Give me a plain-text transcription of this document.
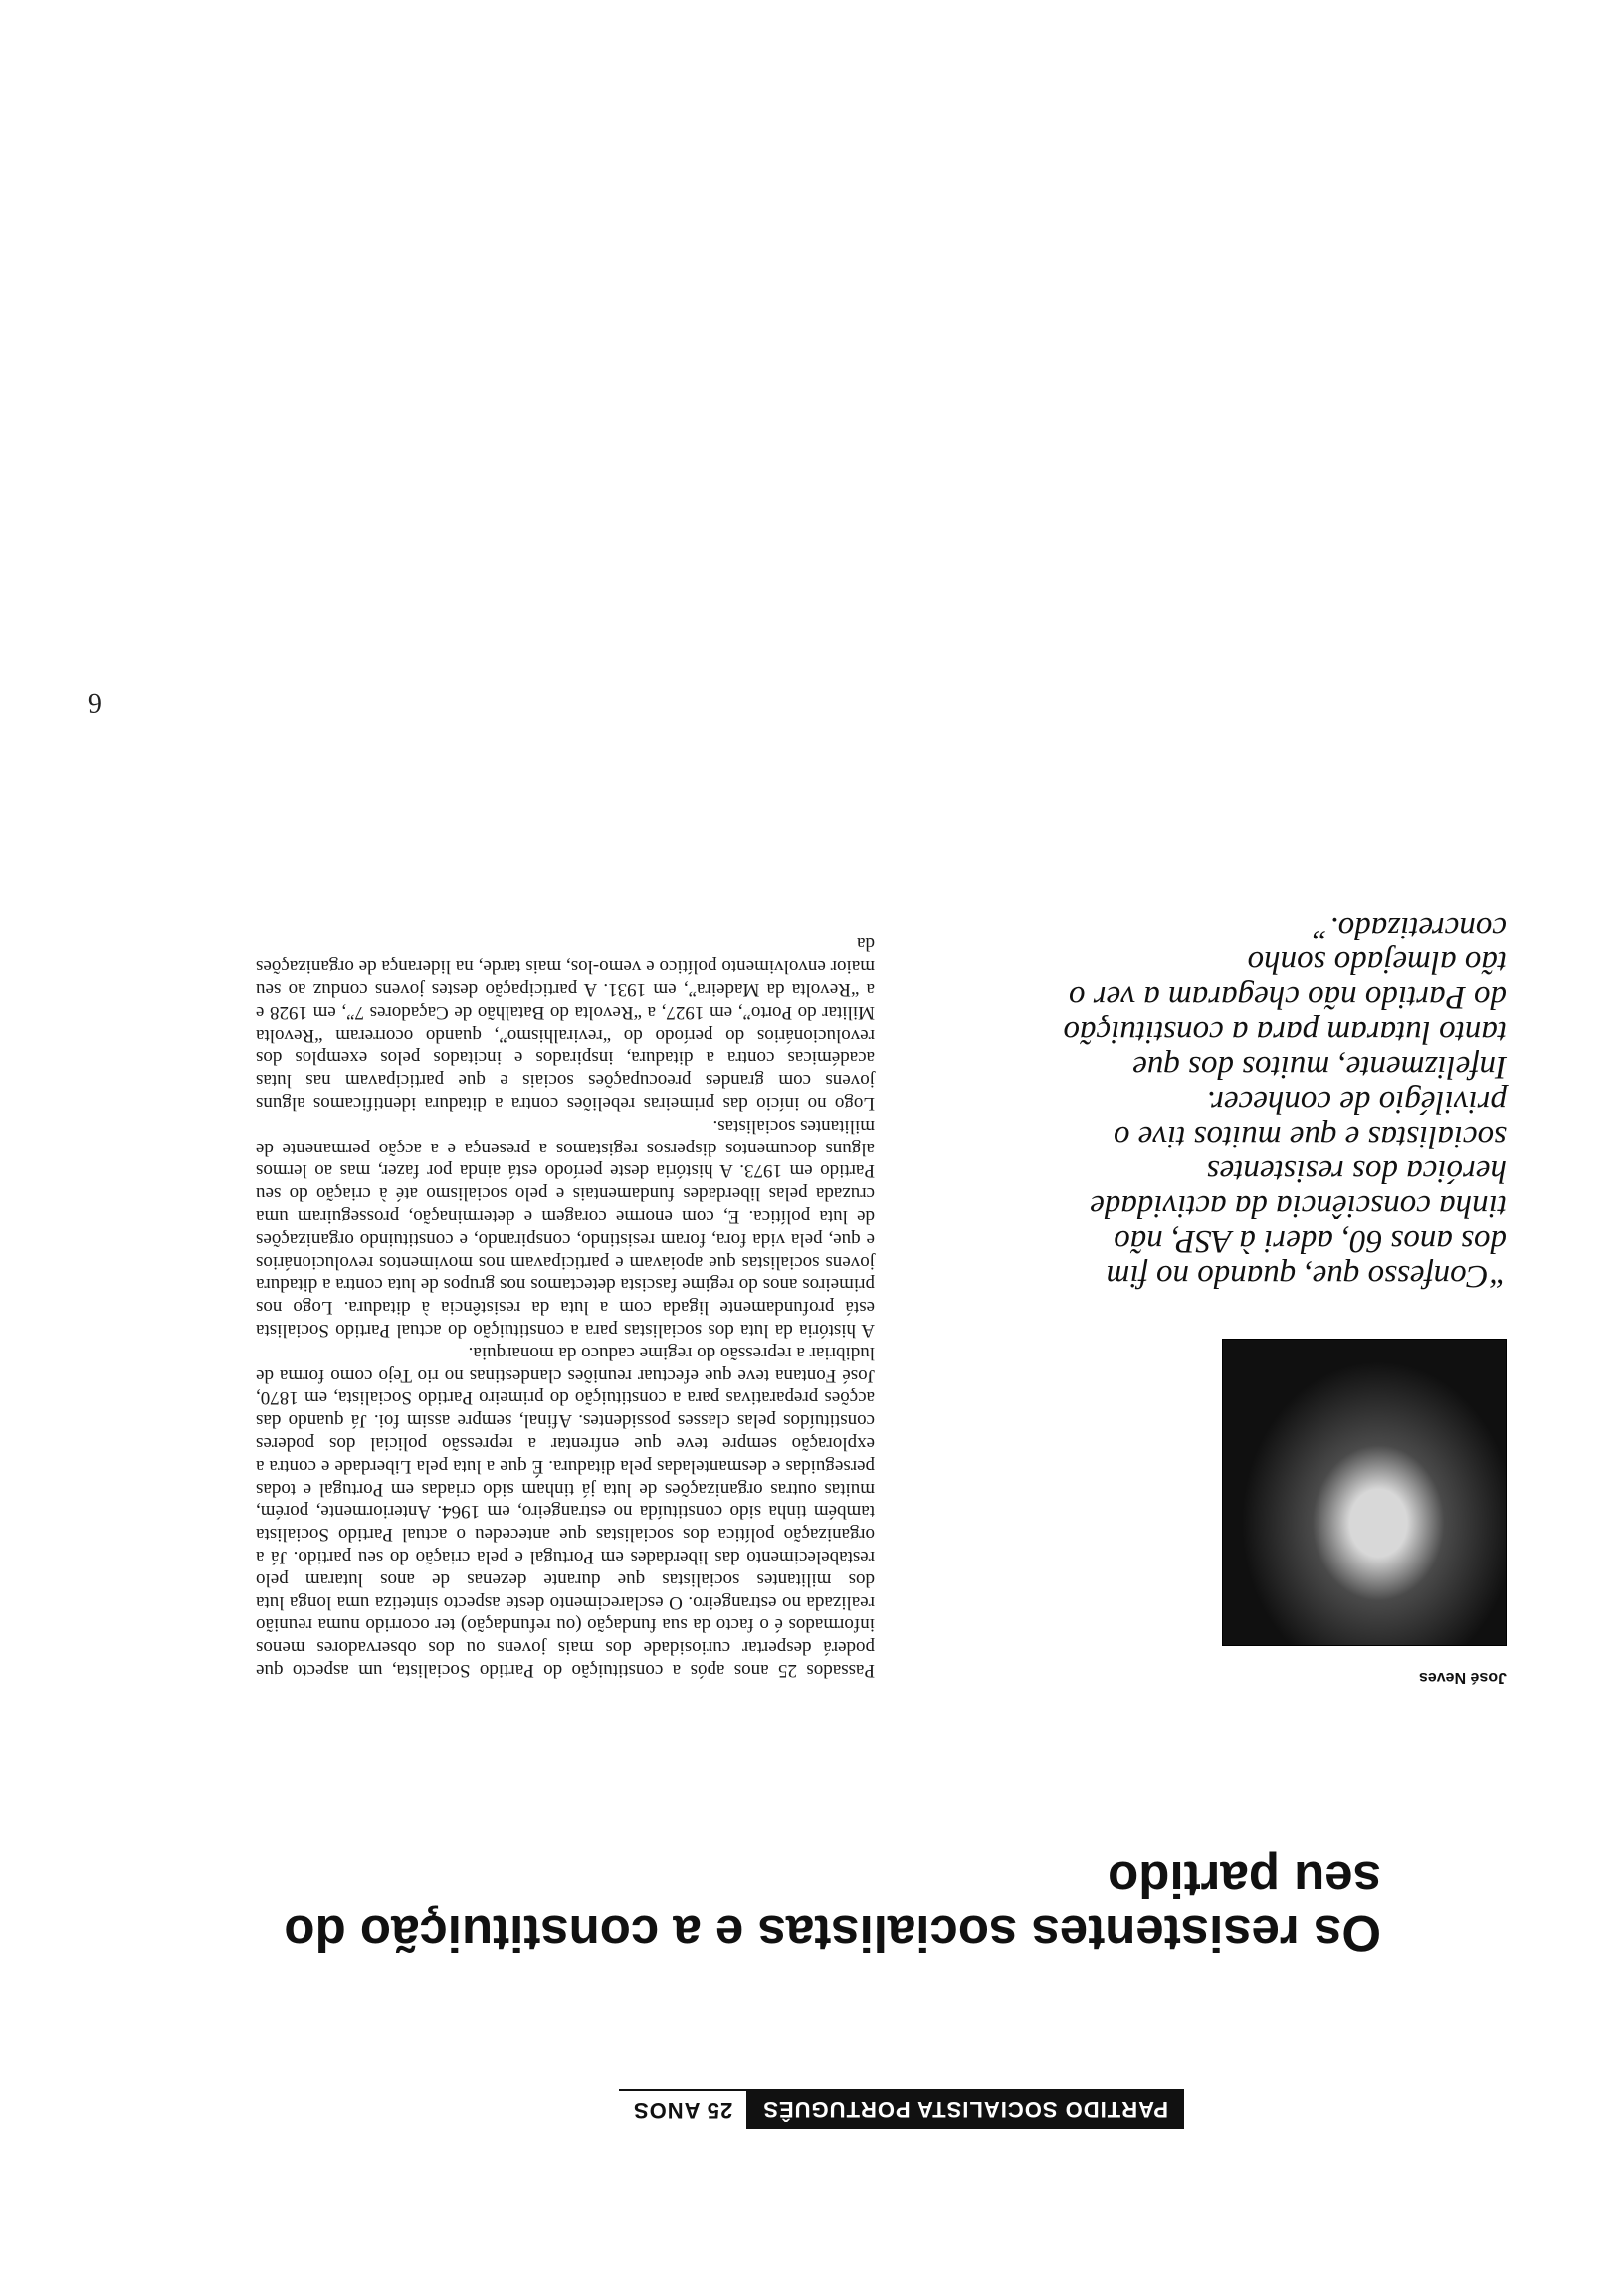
PARTIDO SOCIALISTA PORTUGUÊS
25 ANOS
Os resistentes socialistas e a constituição do seu partido

José Neves

“Confesso que, quando no fim dos anos 60, aderi à ASP, não tinha consciência da actividade heróica dos resistentes socialistas e que muitos tive o privilégio de conhecer. Infelizmente, muitos dos que tanto lutaram para a constituição do Partido não chegaram a ver o tão almejado sonho concretizado.”

Passados 25 anos após a constituição do Partido Socialista, um aspecto que poderá despertar curiosidade dos mais jovens ou dos observadores menos informados é o facto da sua fundação (ou refundação) ter ocorrido numa reunião realizada no estrangeiro. O esclarecimento deste aspecto sintetiza uma longa luta dos militantes socialistas que durante dezenas de anos lutaram pelo restabelecimento das liberdades em Portugal e pela criação do seu partido. Já a organização política dos socialistas que antecedeu o actual Partido Socialista também tinha sido constituída no estrangeiro, em 1964. Anteriormente, porém, muitas outras organizações de luta já tinham sido criadas em Portugal e todas perseguidas e desmanteladas pela ditadura. É que a luta pela Liberdade e contra a exploração sempre teve que enfrentar a repressão policial dos poderes constituídos pelas classes possidentes. Afinal, sempre assim foi. Já quando das acções preparativas para a constituição do primeiro Partido Socialista, em 1870, José Fontana teve que efectuar reuniões clandestinas no rio Tejo como forma de ludibriar a repressão do regime caduco da monarquia.

A história da luta dos socialistas para a constituição do actual Partido Socialista está profundamente ligada com a luta da resistência à ditadura. Logo nos primeiros anos do regime fascista detectamos nos grupos de luta contra a ditadura jovens socialistas que apoiavam e participavam nos movimentos revolucionários e que, pela vida fora, foram resistindo, conspirando, e constituindo organizações de luta política. E, com enorme coragem e determinação, prosseguiram uma cruzada pelas liberdades fundamentais e pelo socialismo até à criação do seu Partido em 1973. A história deste período está ainda por fazer, mas ao lermos alguns documentos dispersos registamos a presença e a acção permanente de militantes socialistas.

Logo no início das primeiras rebeliões contra a ditadura identificamos alguns jovens com grandes preocupações sociais e que participavam nas lutas académicas contra a ditadura, inspirados e incitados pelos exemplos dos revolucionários do período do “reviralhismo”, quando ocorreram “Revolta Militar do Porto”, em 1927, a “Revolta do Batalhão de Caçadores 7”, em 1928 e a “Revolta da Madeira”, em 1931. A participação destes jovens conduz ao seu maior envolvimento político e vemo-los, mais tarde, na liderança de organizações da

6
